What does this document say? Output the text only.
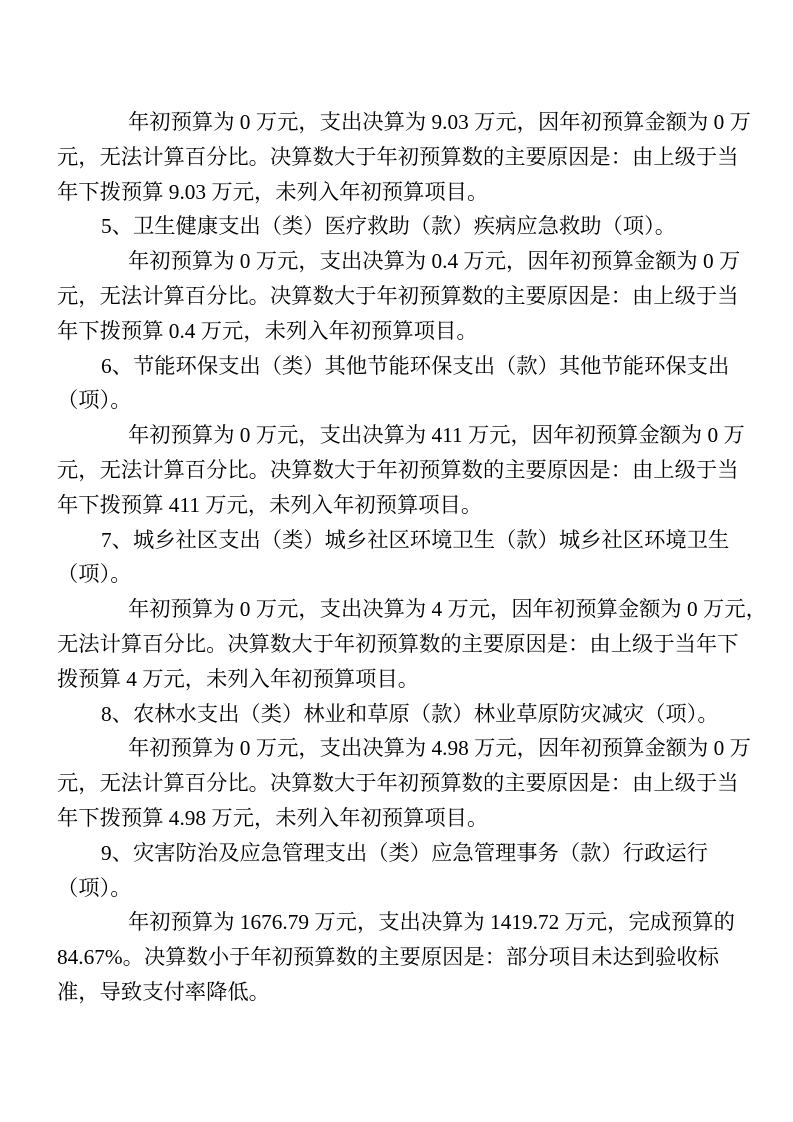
年初预算为 0 万元，支出决算为 9.03 万元，因年初预算金额为 0 万
元，无法计算百分比。决算数大于年初预算数的主要原因是：由上级于当
年下拨预算 9.03 万元，未列入年初预算项目。

5、卫生健康支出（类）医疗救助（款）疾病应急救助（项）。

年初预算为 0 万元，支出决算为 0.4 万元，因年初预算金额为 0 万
元，无法计算百分比。决算数大于年初预算数的主要原因是：由上级于当
年下拨预算 0.4 万元，未列入年初预算项目。

6、节能环保支出（类）其他节能环保支出（款）其他节能环保支出
（项）。

年初预算为 0 万元，支出决算为 411 万元，因年初预算金额为 0 万
元，无法计算百分比。决算数大于年初预算数的主要原因是：由上级于当
年下拨预算 411 万元，未列入年初预算项目。

7、城乡社区支出（类）城乡社区环境卫生（款）城乡社区环境卫生
（项）。

年初预算为 0 万元，支出决算为 4 万元，因年初预算金额为 0 万元，
无法计算百分比。决算数大于年初预算数的主要原因是：由上级于当年下
拨预算 4 万元，未列入年初预算项目。

8、农林水支出（类）林业和草原（款）林业草原防灾减灾（项）。

年初预算为 0 万元，支出决算为 4.98 万元，因年初预算金额为 0 万
元，无法计算百分比。决算数大于年初预算数的主要原因是：由上级于当
年下拨预算 4.98 万元，未列入年初预算项目。

9、灾害防治及应急管理支出（类）应急管理事务（款）行政运行
（项）。

年初预算为 1676.79 万元，支出决算为 1419.72 万元，完成预算的
84.67%。决算数小于年初预算数的主要原因是：部分项目未达到验收标
准，导致支付率降低。
